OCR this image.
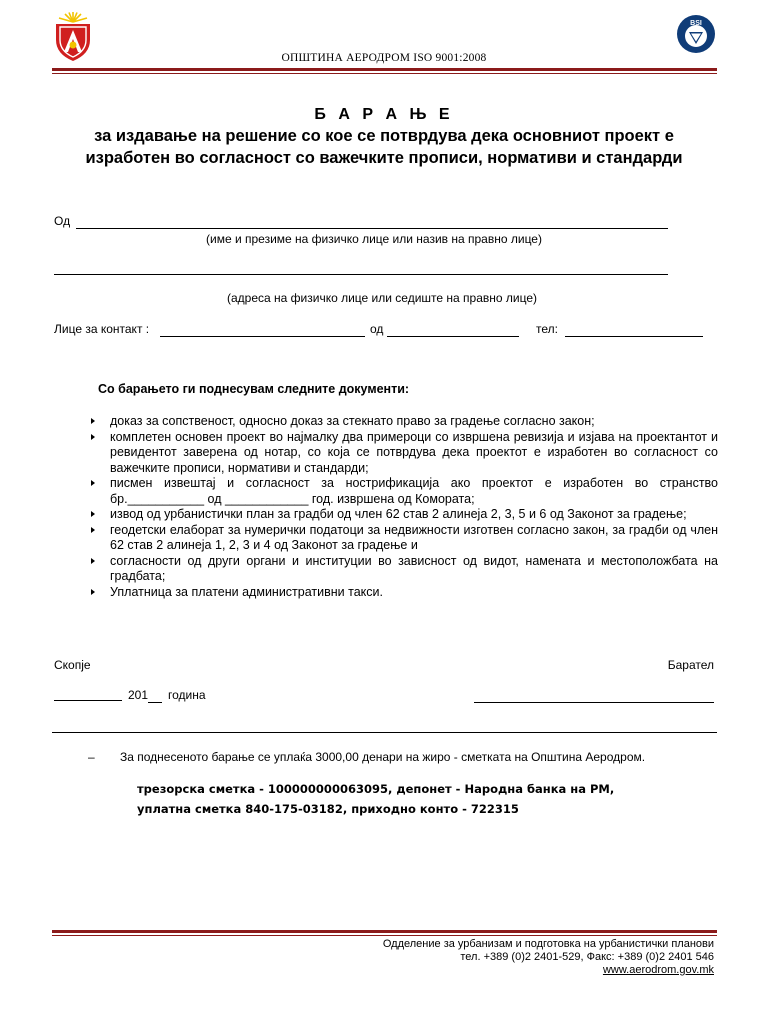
BSI
ОПШТИНА АЕРОДРОМ ISO 9001:2008
Б А Р А Њ Е
за издавање на решение со кое се потврдува дека основниот проект е
изработен во согласност со важечките прописи, нормативи и стандарди
Од
(име и презиме на физичко лице или назив на правно лице)
(адреса на физичко лице или седиште на правно лице)
Лице за контакт :	од	тел:
Со барањето ги поднесувам следните документи:
доказ за сопственост, односно доказ за стекнато право за градење согласно закон;
комплетен основен проект во најмалку два примероци со извршена ревизија и изјава на проектантот и ревидентот заверена од нотар, со која се потврдува дека проектот е изработен во согласност со важечките прописи, нормативи и стандарди;
писмен извештај и согласност за нострификација ако проектот е изработен во странство бр.___________ од ____________ год. извршена од Комората;
извод од урбанистички план за градби од член 62 став 2 алинеја 2, 3, 5 и 6 од Законот за градење;
геодетски елаборат за нумерички податоци за недвижности изготвен согласно закон, за градби од член 62 став 2 алинеја 1, 2, 3 и 4 од Законот за градење и
согласности од други органи и институции во зависност од видот, намената и местоположбата на градбата;
Уплатница за платени административни такси.
Скопје	Барател
201 година
– За поднесеното барање се уплаќа 3000,00 денари на жиро - сметката на Општина Аеродром.
трезорска сметка - 100000000063095, депонет - Народна банка на РМ,
уплатна сметка 840-175-03182, приходно конто - 722315
Одделение за урбанизам и подготовка на урбанистички планови
тел. +389 (0)2 2401-529, Факс: +389 (0)2 2401 546
www.aerodrom.gov.mk
